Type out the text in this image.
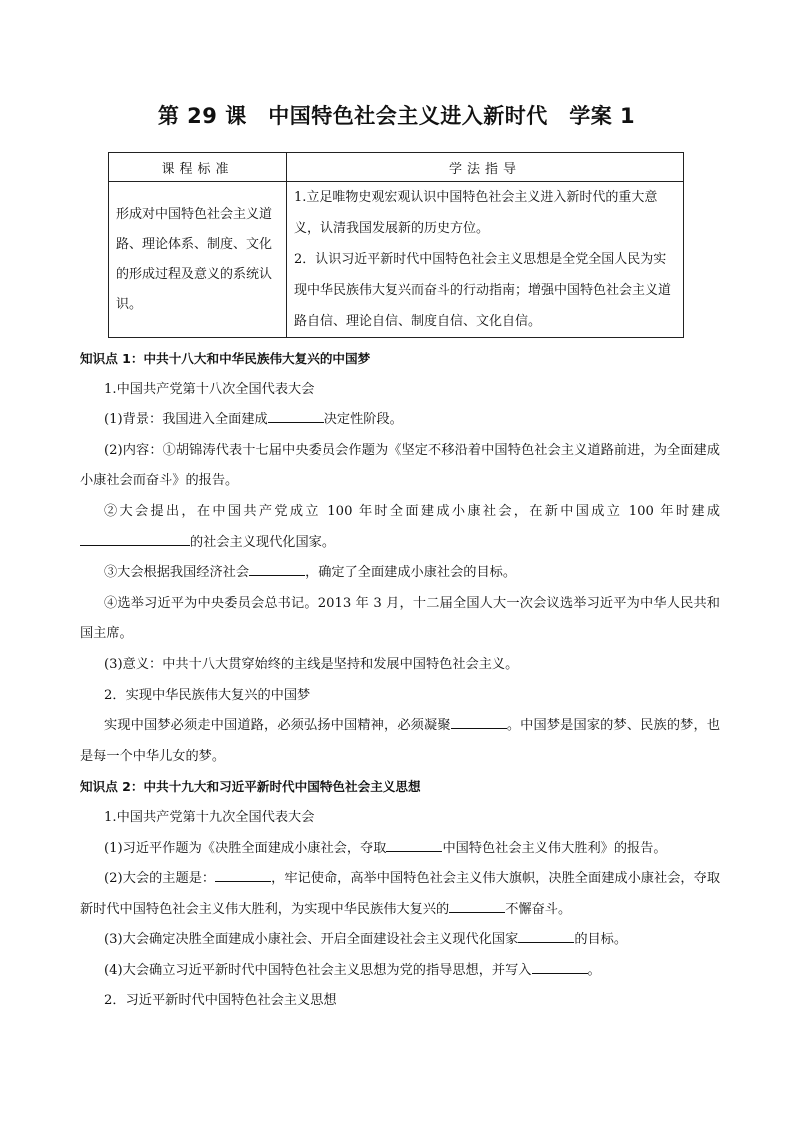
第 29 课　中国特色社会主义进入新时代　学案 1
课程标准	学法指导
形成对中国特色社会主义道路、理论体系、制度、文化的形成过程及意义的系统认识。	1.立足唯物史观宏观认识中国特色社会主义进入新时代的重大意义，认清我国发展新的历史方位。
2．认识习近平新时代中国特色社会主义思想是全党全国人民为实现中华民族伟大复兴而奋斗的行动指南；增强中国特色社会主义道路自信、理论自信、制度自信、文化自信。

知识点 1：中共十八大和中华民族伟大复兴的中国梦

1.中国共产党第十八次全国代表大会

(1)背景：我国进入全面建成	决定性阶段。

(2)内容：①胡锦涛代表十七届中央委员会作题为《坚定不移沿着中国特色社会主义道路前进，为全面建成小康社会而奋斗》的报告。

②大会提出，在中国共产党成立 100 年时全面建成小康社会，在新中国成立 100 年时建成的社会主义现代化国家。

③大会根据我国经济社会	，确定了全面建成小康社会的目标。

④选举习近平为中央委员会总书记。2013 年 3 月，十二届全国人大一次会议选举习近平为中华人民共和国主席。

(3)意义：中共十八大贯穿始终的主线是坚持和发展中国特色社会主义。

2．实现中华民族伟大复兴的中国梦

实现中国梦必须走中国道路，必须弘扬中国精神，必须凝聚	。中国梦是国家的梦、民族的梦，也是每一个中华儿女的梦。

知识点 2：中共十九大和习近平新时代中国特色社会主义思想

1.中国共产党第十九次全国代表大会

(1)习近平作题为《决胜全面建成小康社会，夺取	中国特色社会主义伟大胜利》的报告。

(2)大会的主题是：	，牢记使命，高举中国特色社会主义伟大旗帜，决胜全面建成小康社会，夺取新时代中国特色社会主义伟大胜利，为实现中华民族伟大复兴的	不懈奋斗。

(3)大会确定决胜全面建成小康社会、开启全面建设社会主义现代化国家	的目标。

(4)大会确立习近平新时代中国特色社会主义思想为党的指导思想，并写入	。

2．习近平新时代中国特色社会主义思想
